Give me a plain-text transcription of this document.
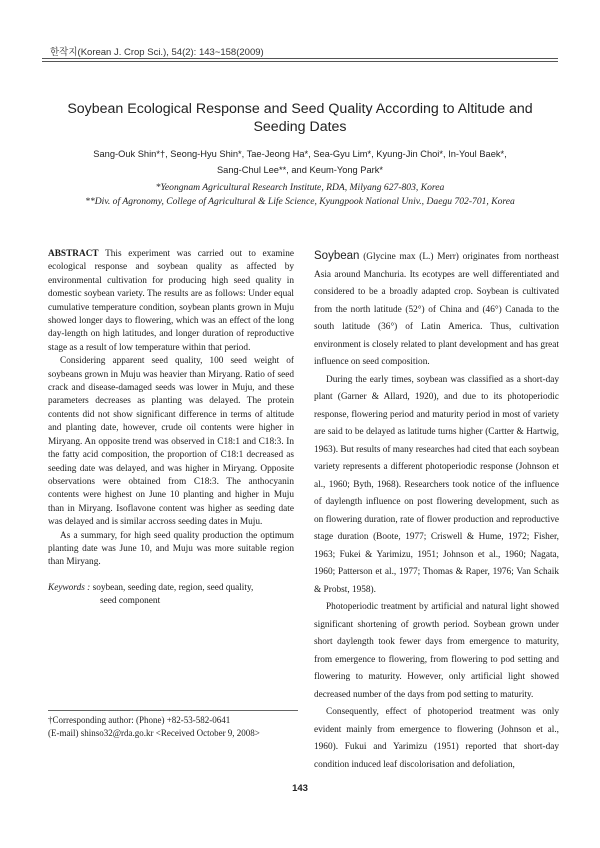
한작지(Korean J. Crop Sci.), 54(2): 143~158(2009)
Soybean Ecological Response and Seed Quality According to Altitude and
Seeding Dates
Sang-Ouk Shin*†, Seong-Hyu Shin*, Tae-Jeong Ha*, Sea-Gyu Lim*, Kyung-Jin Choi*, In-Youl Baek*,
Sang-Chul Lee**, and Keum-Yong Park*
*Yeongnam Agricultural Research Institute, RDA, Milyang 627-803, Korea
**Div. of Agronomy, College of Agricultural & Life Science, Kyungpook National Univ., Daegu 702-701, Korea

ABSTRACT This experiment was carried out to examine ecological response and soybean quality as affected by environmental cultivation for producing high seed quality in domestic soybean variety. The results are as follows: Under equal cumulative temperature condition, soybean plants grown in Muju showed longer days to flowering, which was an effect of the long day-length on high latitudes, and longer duration of reproductive stage as a result of low temperature within that period.

Considering apparent seed quality, 100 seed weight of soybeans grown in Muju was heavier than Miryang. Ratio of seed crack and disease-damaged seeds was lower in Muju, and these parameters decreases as planting was delayed. The protein contents did not show significant difference in terms of altitude and planting date, however, crude oil contents were higher in Miryang. An opposite trend was observed in C18:1 and C18:3. In the fatty acid composition, the proportion of C18:1 decreased as seeding date was delayed, and was higher in Miryang. Opposite observations were obtained from C18:3. The anthocyanin contents were highest on June 10 planting and higher in Muju than in Miryang. Isoflavone content was higher as seeding date was delayed and is similar accross seeding dates in Muju.

As a summary, for high seed quality production the optimum planting date was June 10, and Muju was more suitable region than Miryang.

Keywords : soybean, seeding date, region, seed quality,
seed component

†Corresponding author: (Phone) +82-53-582-0641
(E-mail) shinso32@rda.go.kr <Received October 9, 2008>

Soybean (Glycine max (L.) Merr) originates from northeast Asia around Manchuria. Its ecotypes are well differentiated and considered to be a broadly adapted crop. Soybean is cultivated from the north latitude (52°) of China and (46°) Canada to the south latitude (36°) of Latin America. Thus, cultivation environment is closely related to plant development and has great influence on seed composition.

During the early times, soybean was classified as a short-day plant (Garner & Allard, 1920), and due to its photoperiodic response, flowering period and maturity period in most of variety are said to be delayed as latitude turns higher (Cartter & Hartwig, 1963). But results of many researches had cited that each soybean variety represents a different photoperiodic response (Johnson et al., 1960; Byth, 1968). Researchers took notice of the influence of daylength influence on post flowering development, such as on flowering duration, rate of flower production and reproductive stage duration (Boote, 1977; Criswell & Hume, 1972; Fisher, 1963; Fukei & Yarimizu, 1951; Johnson et al., 1960; Nagata, 1960; Patterson et al., 1977; Thomas & Raper, 1976; Van Schaik & Probst, 1958).

Photoperiodic treatment by artificial and natural light showed significant shortening of growth period. Soybean grown under short daylength took fewer days from emergence to maturity, from emergence to flowering, from flowering to pod setting and flowering to maturity. However, only artificial light showed decreased number of the days from pod setting to maturity.

Consequently, effect of photoperiod treatment was only evident mainly from emergence to flowering (Johnson et al., 1960). Fukui and Yarimizu (1951) reported that short-day condition induced leaf discolorisation and defoliation,

143
